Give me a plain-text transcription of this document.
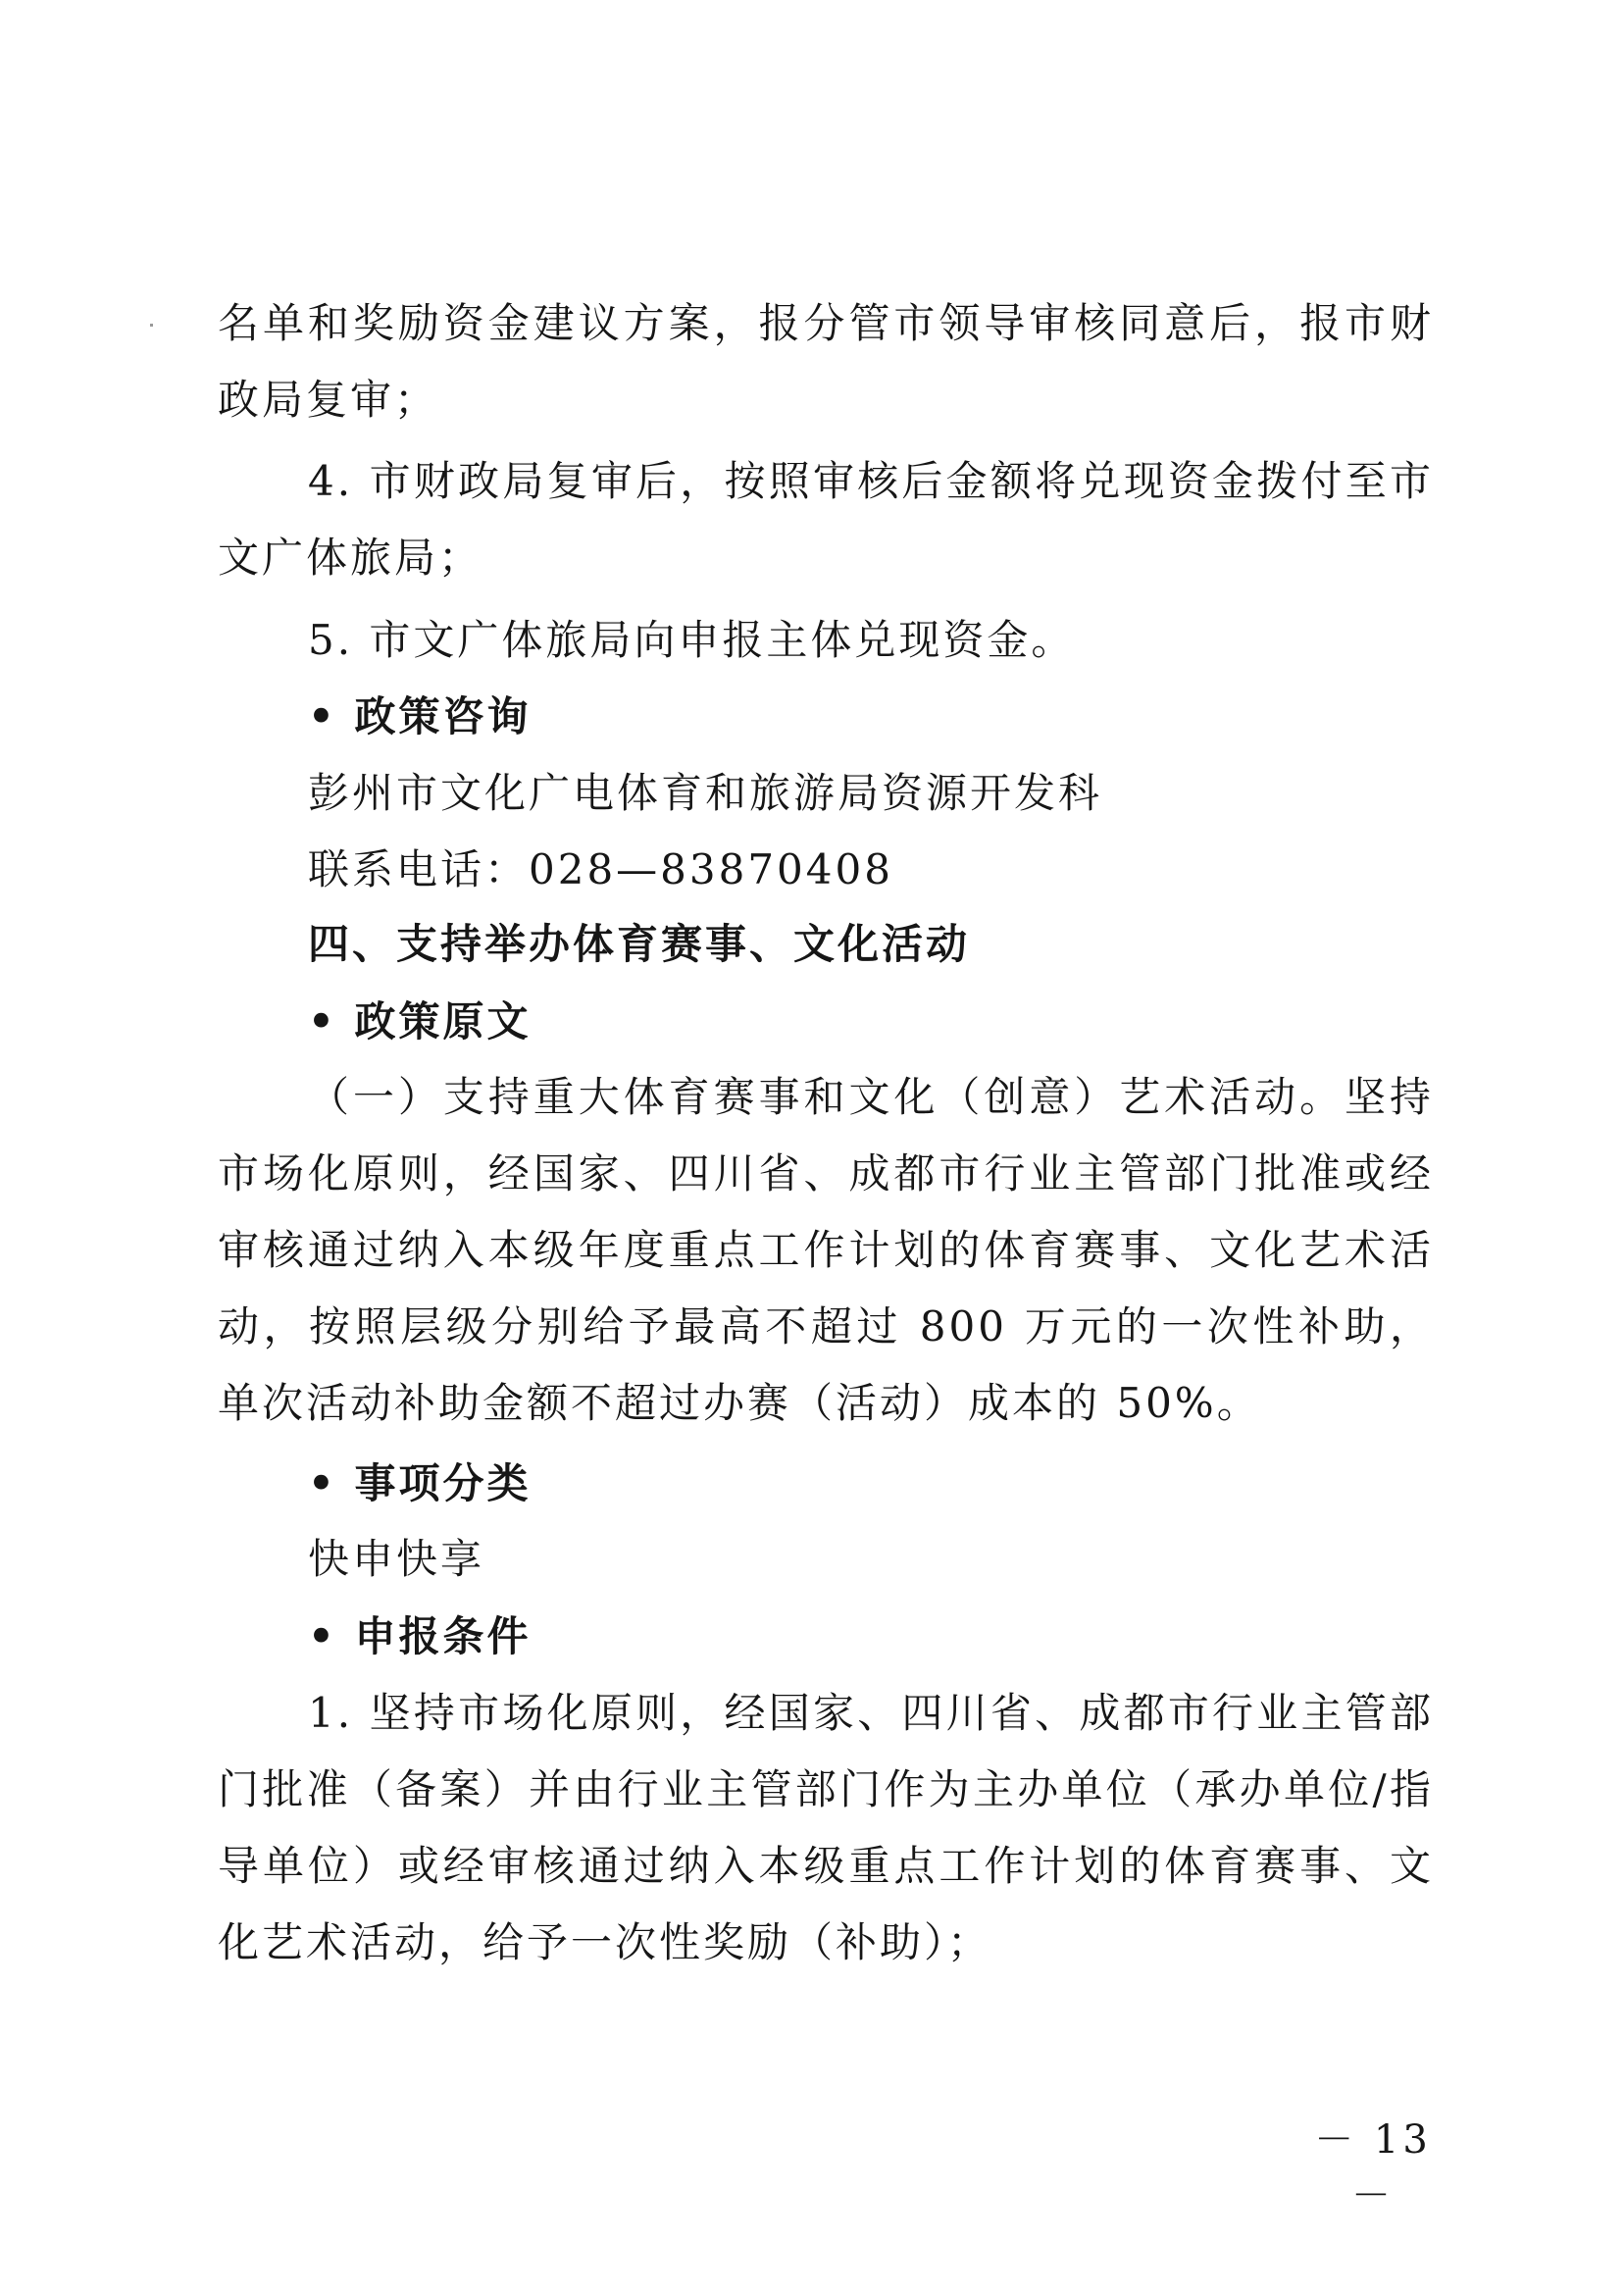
名单和奖励资金建议方案，报分管市领导审核同意后，报市财政局复审；

4. 市财政局复审后，按照审核后金额将兑现资金拨付至市文广体旅局；

5. 市文广体旅局向申报主体兑现资金。

• 政策咨询

彭州市文化广电体育和旅游局资源开发科

联系电话：028—83870408

四、支持举办体育赛事、文化活动

• 政策原文

（一）支持重大体育赛事和文化（创意）艺术活动。坚持市场化原则，经国家、四川省、成都市行业主管部门批准或经审核通过纳入本级年度重点工作计划的体育赛事、文化艺术活动，按照层级分别给予最高不超过 800 万元的一次性补助，单次活动补助金额不超过办赛（活动）成本的 50%。

• 事项分类

快申快享

• 申报条件

1. 坚持市场化原则，经国家、四川省、成都市行业主管部门批准（备案）并由行业主管部门作为主办单位（承办单位/指导单位）或经审核通过纳入本级重点工作计划的体育赛事、文化艺术活动，给予一次性奖励（补助）；

－ 13 －
